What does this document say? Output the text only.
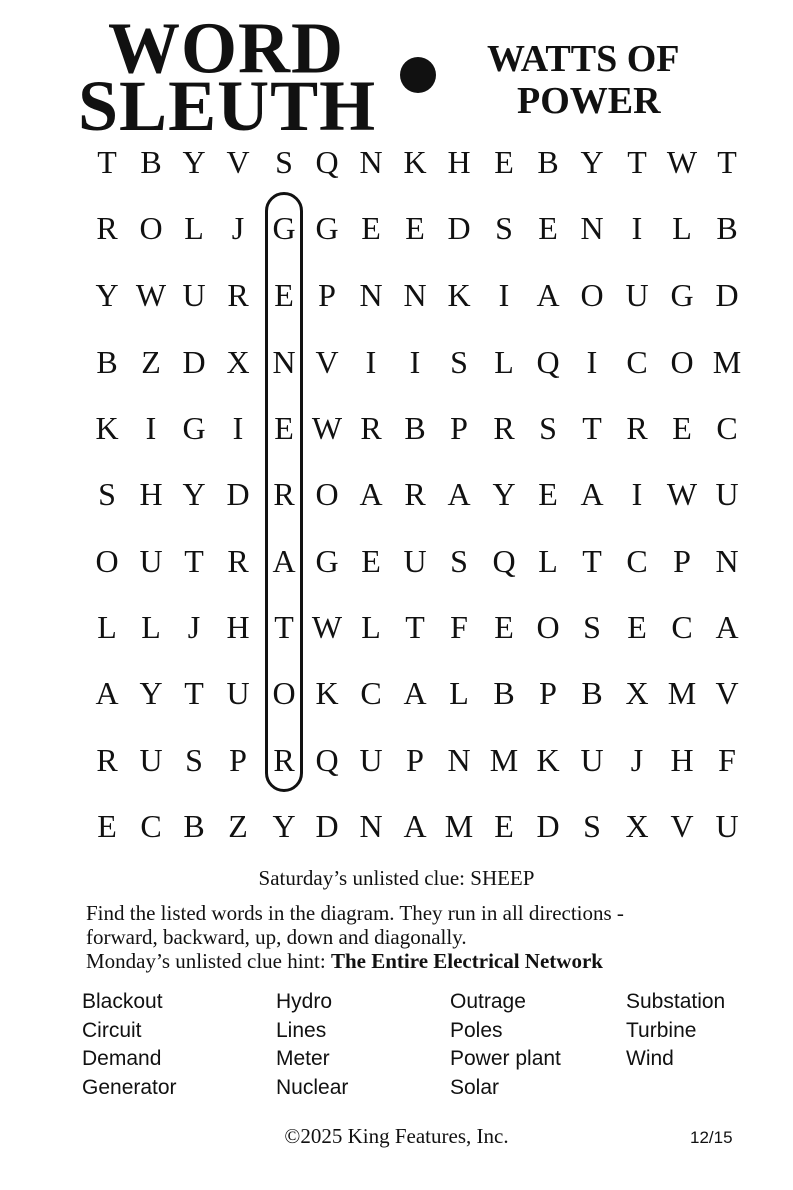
WORD
SLEUTH
WATTS OF
POWER
T B Y V S Q N K H E B Y T W T
R O L J G G E E D S E N I L B
Y W U R E P N N K I A O U G D
B Z D X N V I	I S L Q I C O M
K I G I E W R B P R S T R E C
S H Y D R O A R A Y E A I W U
O U T R A G E U S Q L T C P N
L L J H T W L T F E O S E C A
A Y T U O K C A L B P B X M V
R U S P R Q U P N M K U J H F
E C B Z Y D N A M E D S X V U
Saturday’s unlisted clue: SHEEP
Find the listed words in the diagram. They run in all directions -
forward, backward, up, down and diagonally.
Monday’s unlisted clue hint: The Entire Electrical Network
Blackout
Circuit
Demand
Generator
Hydro
Lines
Meter
Nuclear
Outrage
Poles
Power plant
Solar
Substation
Turbine
Wind
©2025 King Features, Inc.	12/15
